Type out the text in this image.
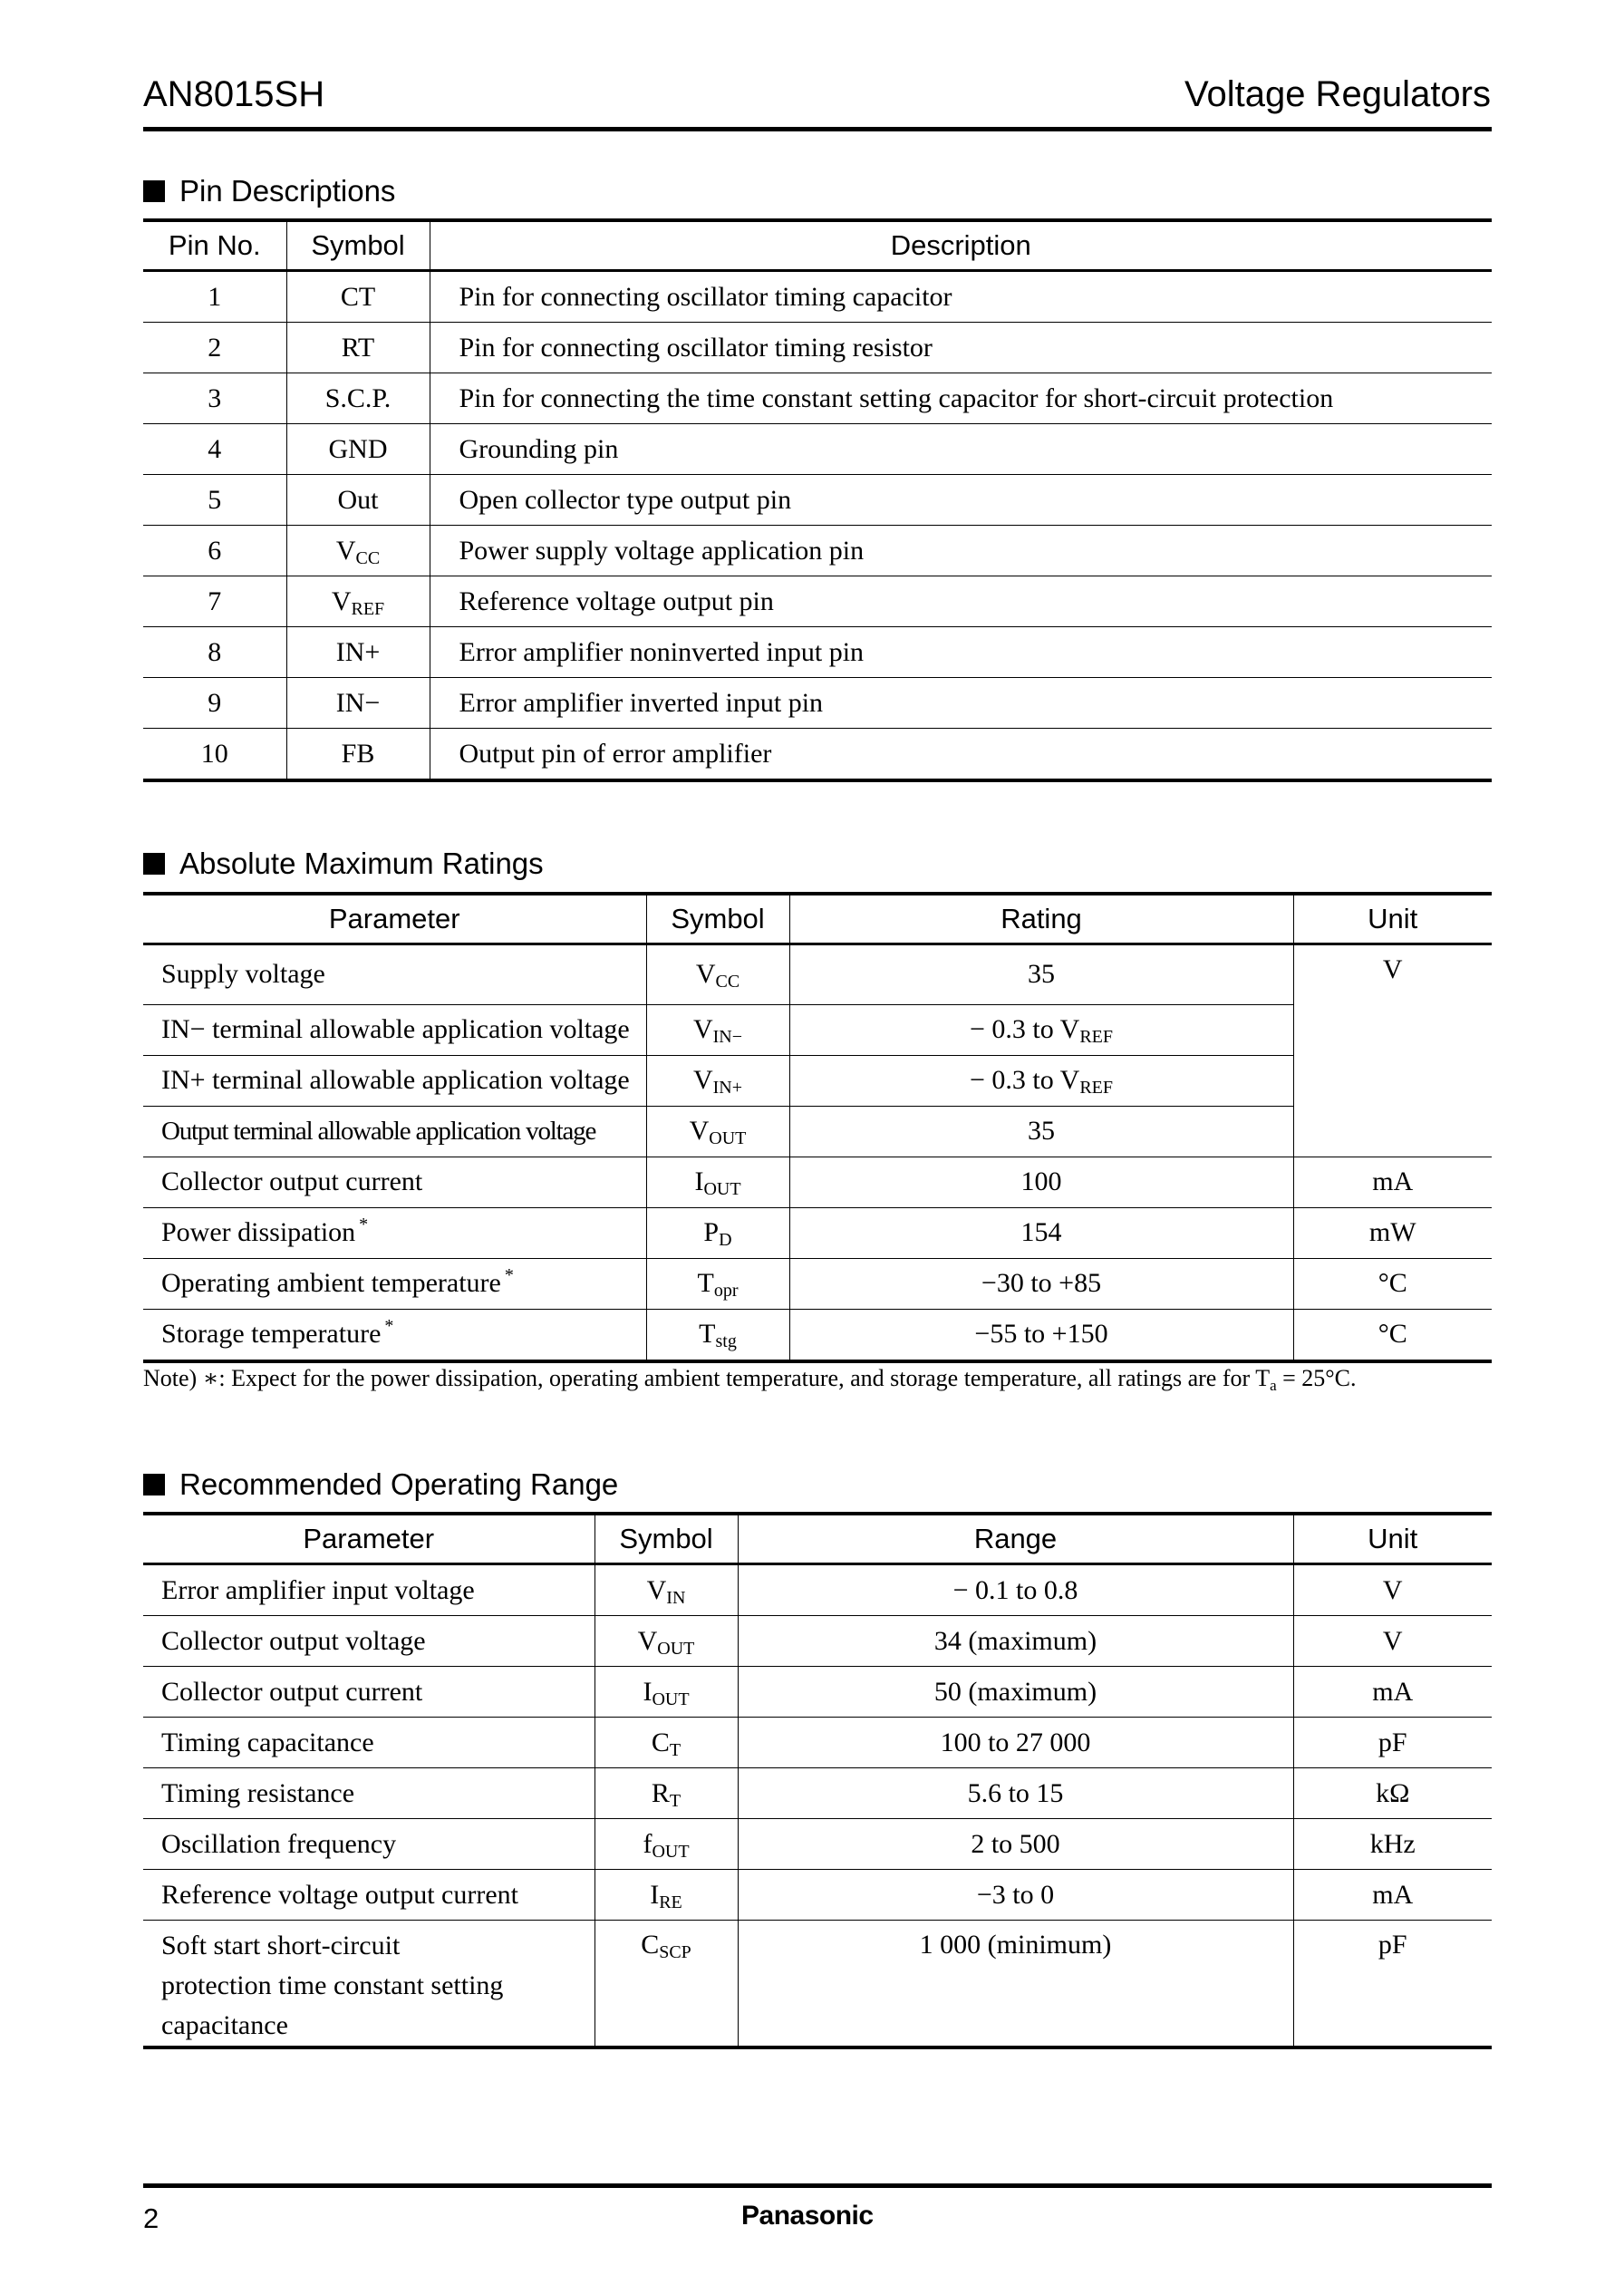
AN8015SH	Voltage Regulators
Pin Descriptions
Pin No.	Symbol	Description
1	CT	Pin for connecting oscillator timing capacitor
2	RT	Pin for connecting oscillator timing resistor
3	S.C.P.	Pin for connecting the time constant setting capacitor for short-circuit protection
4	GND	Grounding pin
5	Out	Open collector type output pin
6	$V_{CC}$	Power supply voltage application pin
7	$V_{REF}$	Reference voltage output pin
8	IN+	Error amplifier noninverted input pin
9	IN−	Error amplifier inverted input pin
10	FB	Output pin of error amplifier
Absolute Maximum Ratings
Parameter	Symbol	Rating	Unit
Supply voltage	$V_{CC}$	35	V
IN− terminal allowable application voltage	$V_{IN-}$	− 0.3 to $V_{REF}$	
IN+ terminal allowable application voltage	$V_{IN+}$	− 0.3 to $V_{REF}$	
Output terminal allowable application voltage	$V_{OUT}$	35	
Collector output current	$I_{OUT}$	100	mA
Power dissipation *	$P_D$	154	mW
Operating ambient temperature *	$T_{opr}$	−30 to +85	°C
Storage temperature *	$T_{stg}$	−55 to +150	°C
Note) ∗: Expect for the power dissipation, operating ambient temperature, and storage temperature, all ratings are for $T_a = 25^\circ C$.
Recommended Operating Range
Parameter	Symbol	Range	Unit
Error amplifier input voltage	$V_{IN}$	− 0.1 to 0.8	V
Collector output voltage	$V_{OUT}$	34 (maximum)	V
Collector output current	$I_{OUT}$	50 (maximum)	mA
Timing capacitance	$C_T$	100 to 27 000	pF
Timing resistance	$R_T$	5.6 to 15	kΩ
Oscillation frequency	$f_{OUT}$	2 to 500	kHz
Reference voltage output current	$I_{RE}$	−3 to 0	mA
Soft start short-circuit protection time constant setting capacitance	$C_{SCP}$	1 000 (minimum)	pF
2	Panasonic
